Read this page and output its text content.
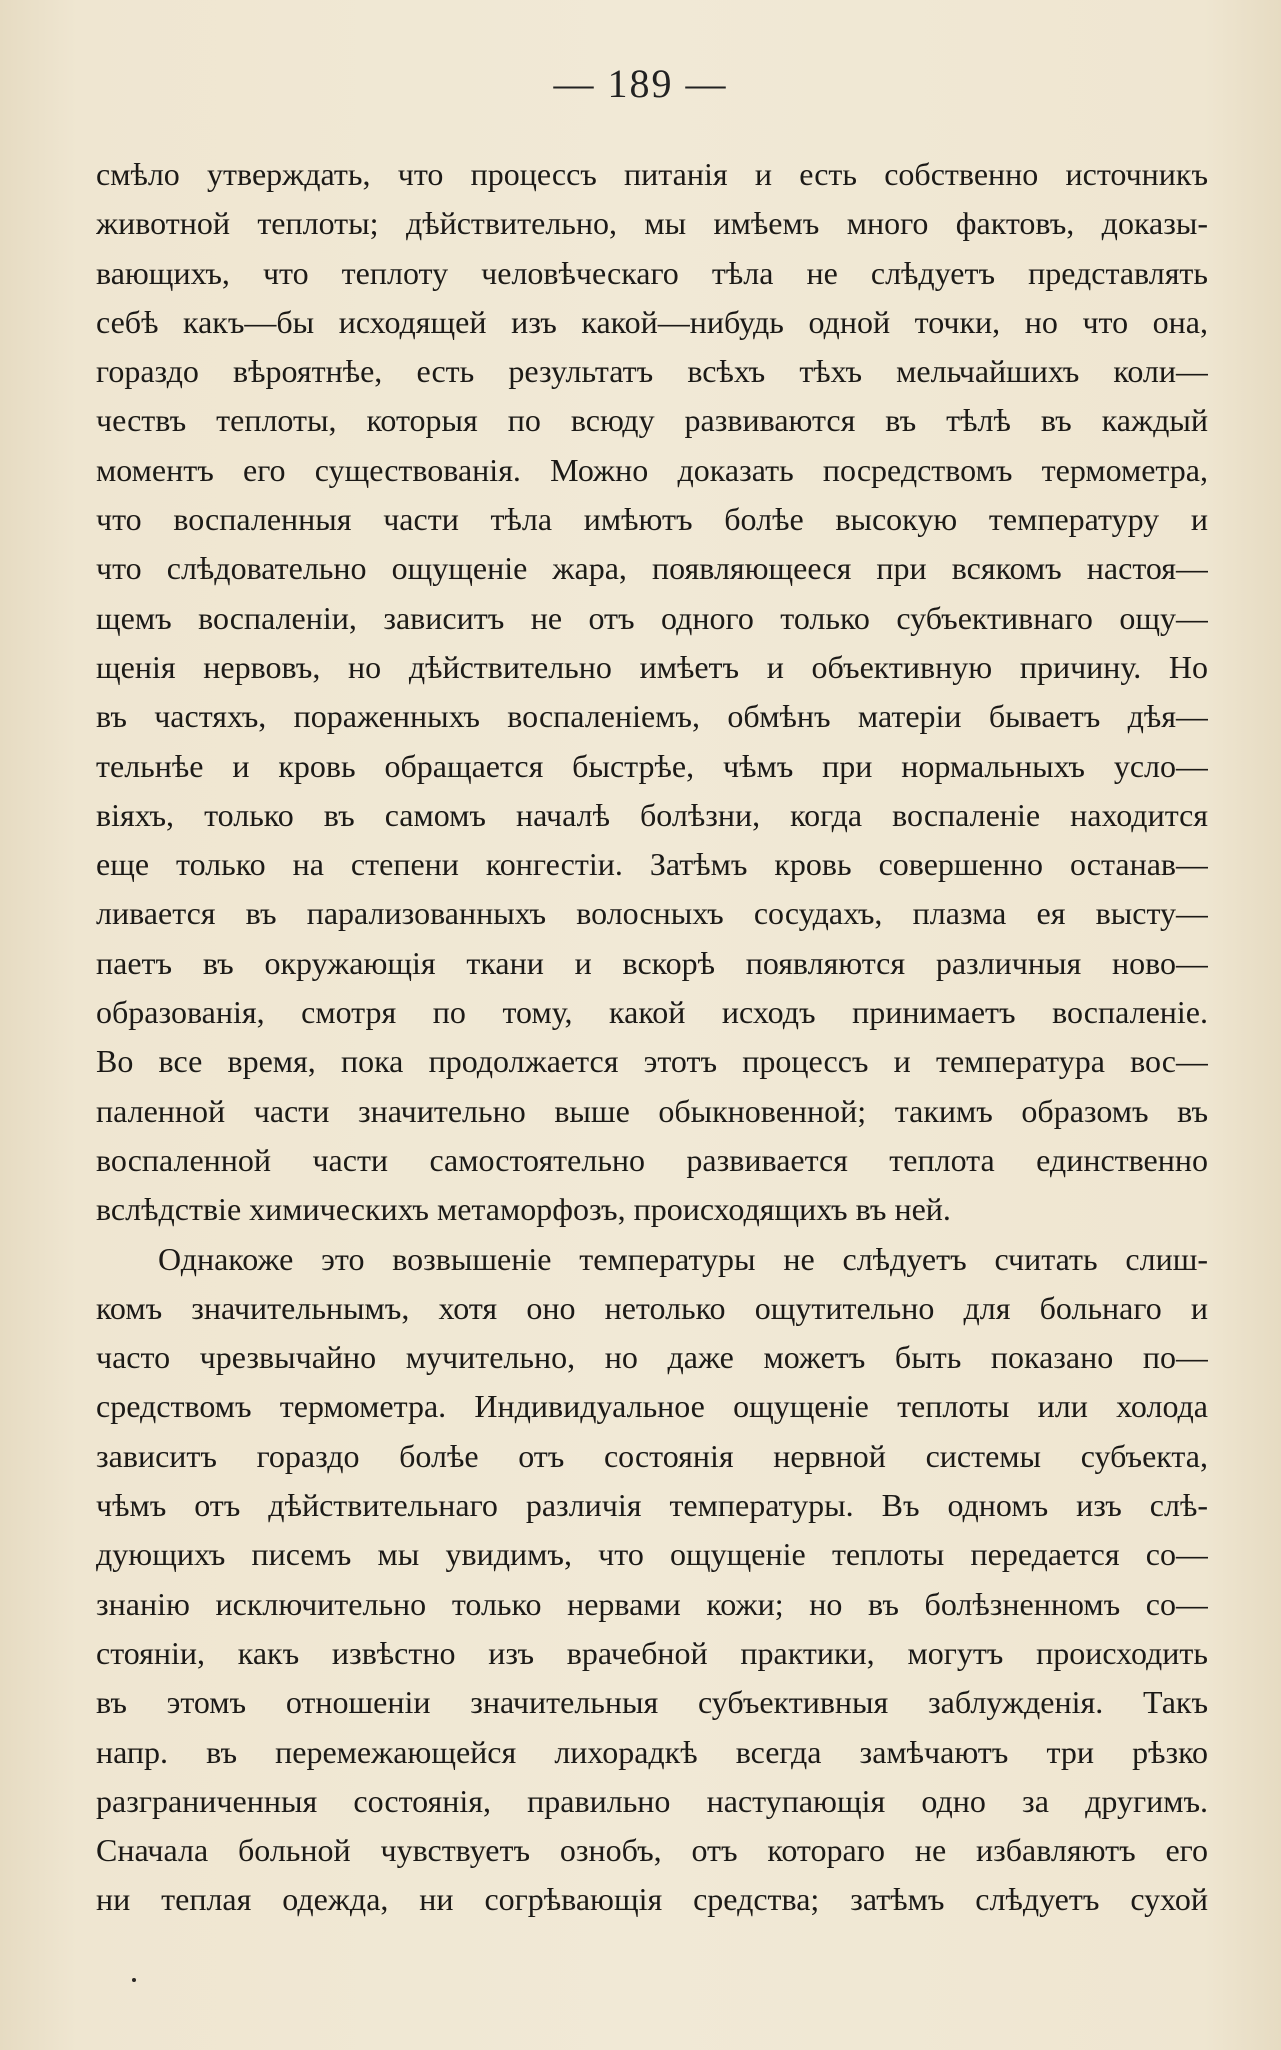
— 189 —
смѣло утверждать, что процессъ питанія и есть собственно источникъ
животной теплоты; дѣйствительно, мы имѣемъ много фактовъ, доказы-
вающихъ, что теплоту человѣческаго тѣла не слѣдуетъ представлять
себѣ какъ—бы исходящей изъ какой—нибудь одной точки, но что она,
гораздо вѣроятнѣе, есть результатъ всѣхъ тѣхъ мельчайшихъ коли—
чествъ теплоты, которыя по всюду развиваются въ тѣлѣ въ каждый
моментъ его существованія. Можно доказать посредствомъ термометра,
что воспаленныя части тѣла имѣютъ болѣе высокую температуру и
что слѣдовательно ощущеніе жара, появляющееся при всякомъ настоя—
щемъ воспаленіи, зависитъ не отъ одного только субъективнаго ощу—
щенія нервовъ, но дѣйствительно имѣетъ и объективную причину. Но
въ частяхъ, пораженныхъ воспаленіемъ, обмѣнъ матеріи бываетъ дѣя—
тельнѣе и кровь обращается быстрѣе, чѣмъ при нормальныхъ усло—
віяхъ, только въ самомъ началѣ болѣзни, когда воспаленіе находится
еще только на степени конгестіи. Затѣмъ кровь совершенно останав—
ливается въ парализованныхъ волосныхъ сосудахъ, плазма ея высту—
паетъ въ окружающія ткани и вскорѣ появляются различныя ново—
образованія, смотря по тому, какой исходъ принимаетъ воспаленіе.
Во все время, пока продолжается этотъ процессъ и температура вос—
паленной части значительно выше обыкновенной; такимъ образомъ въ
воспаленной части самостоятельно развивается теплота единственно
вслѣдствіе химическихъ метаморфозъ, происходящихъ въ ней.
Однакоже это возвышеніе температуры не слѣдуетъ считать слиш-
комъ значительнымъ, хотя оно нетолько ощутительно для больнаго и
часто чрезвычайно мучительно, но даже можетъ быть показано по—
средствомъ термометра. Индивидуальное ощущеніе теплоты или холода
зависитъ гораздо болѣе отъ состоянія нервной системы субъекта,
чѣмъ отъ дѣйствительнаго различія температуры. Въ одномъ изъ слѣ-
дующихъ писемъ мы увидимъ, что ощущеніе теплоты передается со—
знанію исключительно только нервами кожи; но въ болѣзненномъ со—
стояніи, какъ извѣстно изъ врачебной практики, могутъ происходить
въ этомъ отношеніи значительныя субъективныя заблужденія. Такъ
напр. въ перемежающейся лихорадкѣ всегда замѣчаютъ три рѣзко
разграниченныя состоянія, правильно наступающія одно за другимъ.
Сначала больной чувствуетъ ознобъ, отъ котораго не избавляютъ его
ни теплая одежда, ни согрѣвающія средства; затѣмъ слѣдуетъ сухой
